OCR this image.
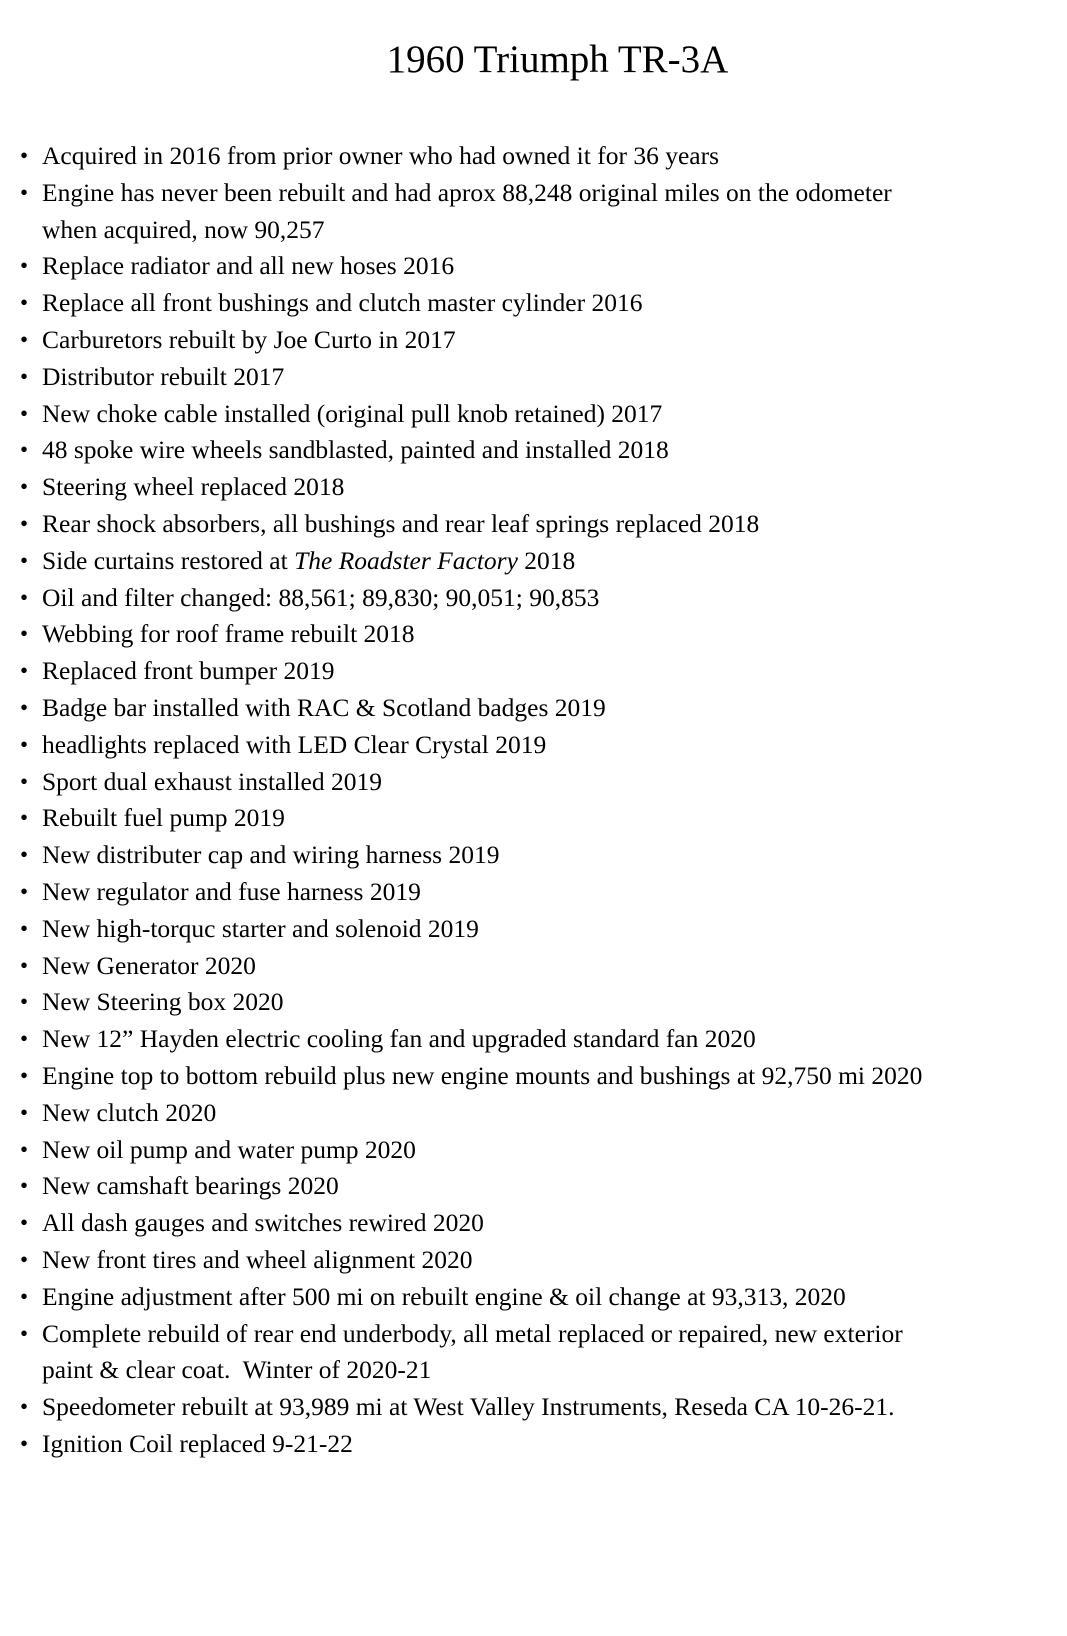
1960 Triumph TR-3A
• Acquired in 2016 from prior owner who had owned it for 36 years
• Engine has never been rebuilt and had aprox 88,248 original miles on the odometer
when acquired, now 90,257
• Replace radiator and all new hoses 2016
• Replace all front bushings and clutch master cylinder 2016
• Carburetors rebuilt by Joe Curto in 2017
• Distributor rebuilt 2017
• New choke cable installed (original pull knob retained) 2017
• 48 spoke wire wheels sandblasted, painted and installed 2018
• Steering wheel replaced 2018
• Rear shock absorbers, all bushings and rear leaf springs replaced 2018
• Side curtains restored at The Roadster Factory 2018
• Oil and filter changed: 88,561; 89,830; 90,051; 90,853
• Webbing for roof frame rebuilt 2018
• Replaced front bumper 2019
• Badge bar installed with RAC & Scotland badges 2019
• headlights replaced with LED Clear Crystal 2019
• Sport dual exhaust installed 2019
• Rebuilt fuel pump 2019
• New distributer cap and wiring harness 2019
• New regulator and fuse harness 2019
• New high-torquc starter and solenoid 2019
• New Generator 2020
• New Steering box 2020
• New 12” Hayden electric cooling fan and upgraded standard fan 2020
• Engine top to bottom rebuild plus new engine mounts and bushings at 92,750 mi 2020
• New clutch 2020
• New oil pump and water pump 2020
• New camshaft bearings 2020
• All dash gauges and switches rewired 2020
• New front tires and wheel alignment 2020
• Engine adjustment after 500 mi on rebuilt engine & oil change at 93,313, 2020
• Complete rebuild of rear end underbody, all metal replaced or repaired, new exterior
paint & clear coat.  Winter of 2020-21
• Speedometer rebuilt at 93,989 mi at West Valley Instruments, Reseda CA 10-26-21.
• Ignition Coil replaced 9-21-22
